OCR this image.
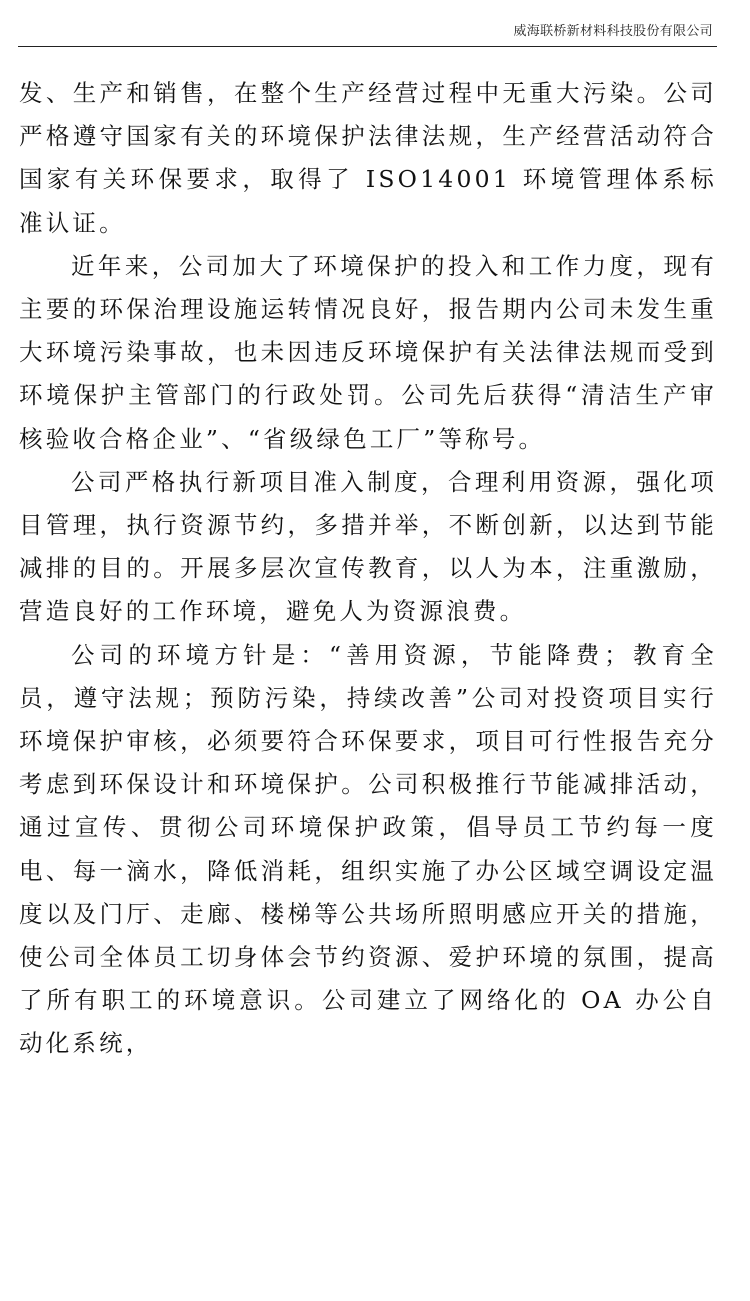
威海联桥新材料科技股份有限公司

发、生产和销售，在整个生产经营过程中无重大污染。公司严格遵守国家有关的环境保护法律法规，生产经营活动符合国家有关环保要求，取得了 ISO14001 环境管理体系标准认证。

近年来，公司加大了环境保护的投入和工作力度，现有主要的环保治理设施运转情况良好，报告期内公司未发生重大环境污染事故，也未因违反环境保护有关法律法规而受到环境保护主管部门的行政处罚。公司先后获得“清洁生产审核验收合格企业”、“省级绿色工厂”等称号。

公司严格执行新项目准入制度，合理利用资源，强化项目管理，执行资源节约，多措并举，不断创新，以达到节能减排的目的。开展多层次宣传教育，以人为本，注重激励，营造良好的工作环境，避免人为资源浪费。

公司的环境方针是：“善用资源，节能降费；教育全员，遵守法规；预防污染，持续改善”公司对投资项目实行环境保护审核，必须要符合环保要求，项目可行性报告充分考虑到环保设计和环境保护。公司积极推行节能减排活动，通过宣传、贯彻公司环境保护政策，倡导员工节约每一度电、每一滴水，降低消耗，组织实施了办公区域空调设定温度以及门厅、走廊、楼梯等公共场所照明感应开关的措施，使公司全体员工切身体会节约资源、爱护环境的氛围，提高了所有职工的环境意识。公司建立了网络化的 OA 办公自动化系统，
